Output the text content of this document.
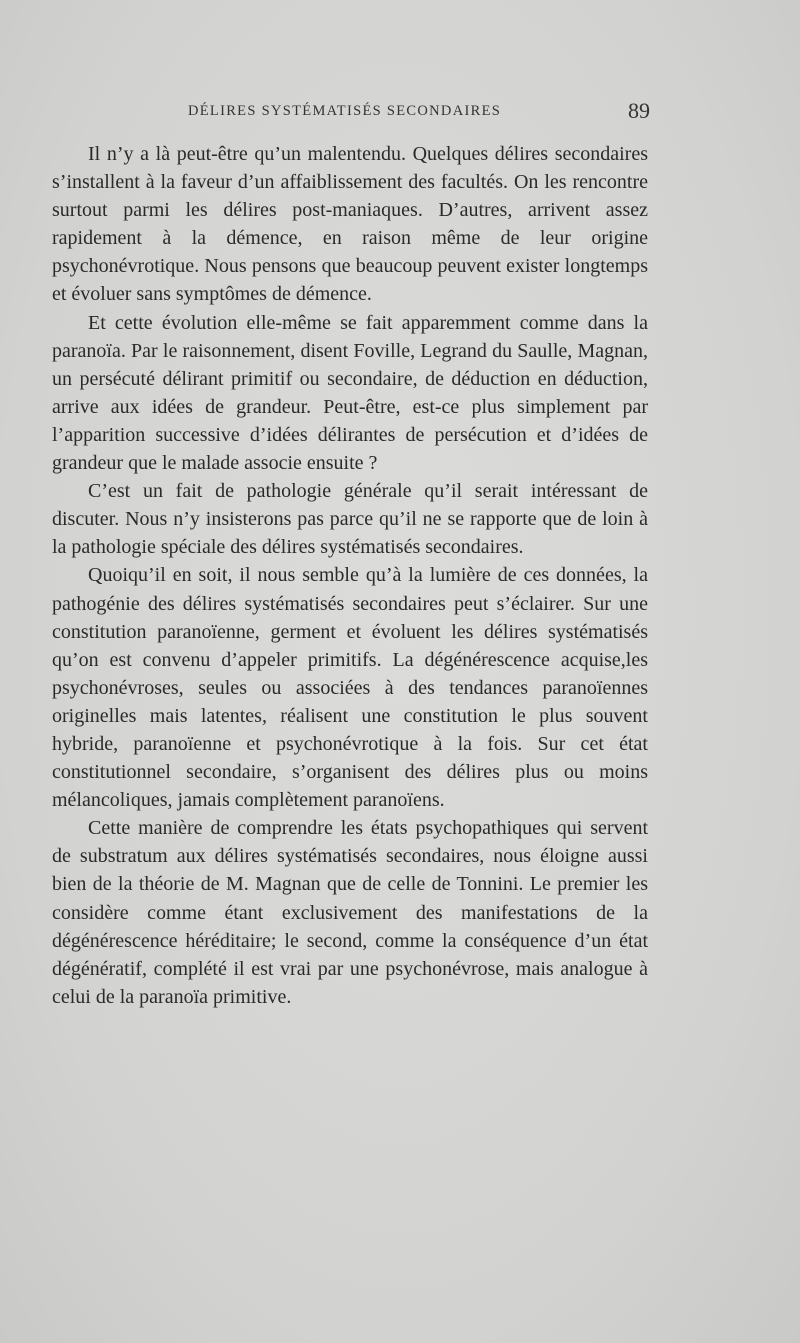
DÉLIRES SYSTÉMATISÉS SECONDAIRES	89

Il n’y a là peut-être qu’un malentendu. Quelques délires secondaires s’installent à la faveur d’un affaiblissement des facultés. On les rencontre surtout parmi les délires post-maniaques. D’autres, arrivent assez rapidement à la démence, en raison même de leur origine psychonévrotique. Nous pensons que beaucoup peuvent exister longtemps et évoluer sans symptômes de démence.

Et cette évolution elle-même se fait apparemment comme dans la paranoïa. Par le raisonnement, disent Foville, Legrand du Saulle, Magnan, un persécuté délirant primitif ou secondaire, de déduction en déduction, arrive aux idées de grandeur. Peut-être, est-ce plus simplement par l’apparition successive d’idées délirantes de persécution et d’idées de grandeur que le malade associe ensuite ?

C’est un fait de pathologie générale qu’il serait intéressant de discuter. Nous n’y insisterons pas parce qu’il ne se rapporte que de loin à la pathologie spéciale des délires systématisés secondaires.

Quoiqu’il en soit, il nous semble qu’à la lumière de ces données, la pathogénie des délires systématisés secondaires peut s’éclairer. Sur une constitution paranoïenne, germent et évoluent les délires systématisés qu’on est convenu d’appeler primitifs. La dégénérescence acquise,les psychonévroses, seules ou associées à des tendances paranoïennes originelles mais latentes, réalisent une constitution le plus souvent hybride, paranoïenne et psychonévrotique à la fois. Sur cet état constitutionnel secondaire, s’organisent des délires plus ou moins mélancoliques, jamais complètement paranoïens.

Cette manière de comprendre les états psychopathiques qui servent de substratum aux délires systématisés secondaires, nous éloigne aussi bien de la théorie de M. Magnan que de celle de Tonnini. Le premier les considère comme étant exclusivement des manifestations de la dégénérescence héréditaire; le second, comme la conséquence d’un état dégénératif, complété il est vrai par une psychonévrose, mais analogue à celui de la paranoïa primitive.
